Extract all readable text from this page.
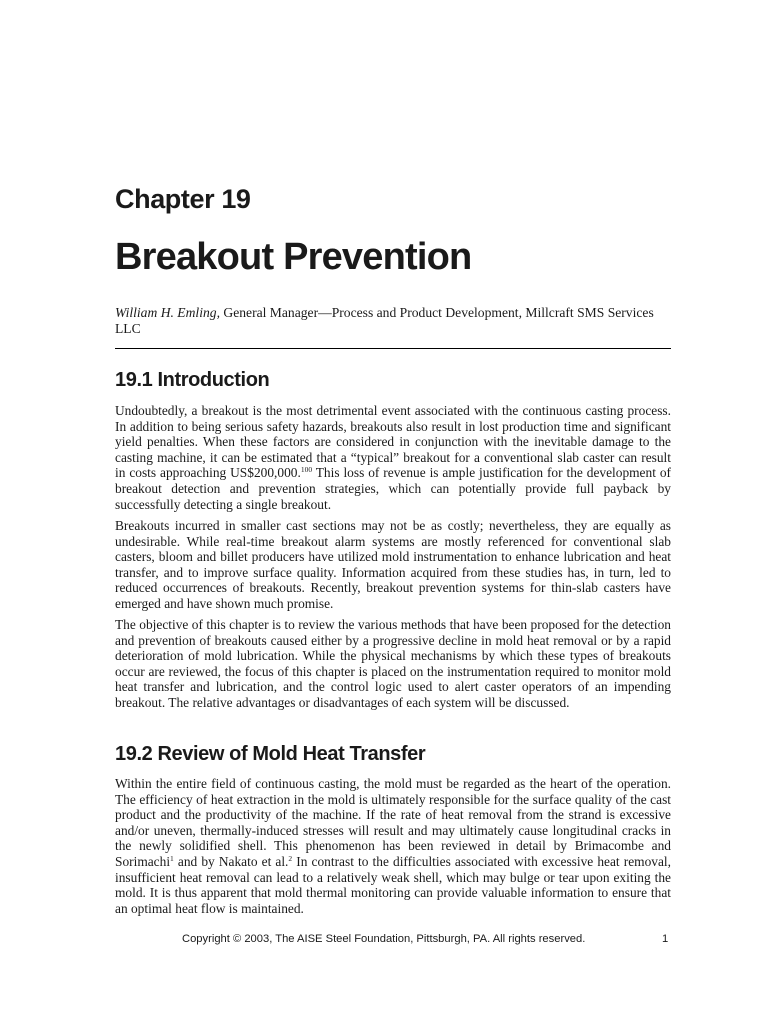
Chapter 19
Breakout Prevention
William H. Emling, General Manager—Process and Product Development, Millcraft SMS Services LLC
19.1 Introduction

Undoubtedly, a breakout is the most detrimental event associated with the continuous casting process. In addition to being serious safety hazards, breakouts also result in lost production time and significant yield penalties. When these factors are considered in conjunction with the inevitable damage to the casting machine, it can be estimated that a “typical” breakout for a conventional slab caster can result in costs approaching US$200,000.$^{100}$ This loss of revenue is ample justification for the development of breakout detection and prevention strategies, which can potentially provide full payback by successfully detecting a single breakout.

Breakouts incurred in smaller cast sections may not be as costly; nevertheless, they are equally as undesirable. While real-time breakout alarm systems are mostly referenced for conventional slab casters, bloom and billet producers have utilized mold instrumentation to enhance lubrication and heat transfer, and to improve surface quality. Information acquired from these studies has, in turn, led to reduced occurrences of breakouts. Recently, breakout prevention systems for thin-slab casters have emerged and have shown much promise.

The objective of this chapter is to review the various methods that have been proposed for the detection and prevention of breakouts caused either by a progressive decline in mold heat removal or by a rapid deterioration of mold lubrication. While the physical mechanisms by which these types of breakouts occur are reviewed, the focus of this chapter is placed on the instrumentation required to monitor mold heat transfer and lubrication, and the control logic used to alert caster operators of an impending breakout. The relative advantages or disadvantages of each system will be discussed.

19.2 Review of Mold Heat Transfer

Within the entire field of continuous casting, the mold must be regarded as the heart of the operation. The efficiency of heat extraction in the mold is ultimately responsible for the surface quality of the cast product and the productivity of the machine. If the rate of heat removal from the strand is excessive and/or uneven, thermally-induced stresses will result and may ultimately cause longitudinal cracks in the newly solidified shell. This phenomenon has been reviewed in detail by Brimacombe and Sorimachi$^1$ and by Nakato et al.$^2$ In contrast to the difficulties associated with excessive heat removal, insufficient heat removal can lead to a relatively weak shell, which may bulge or tear upon exiting the mold. It is thus apparent that mold thermal monitoring can provide valuable information to ensure that an optimal heat flow is maintained.

Copyright © 2003, The AISE Steel Foundation, Pittsburgh, PA. All rights reserved.	1
